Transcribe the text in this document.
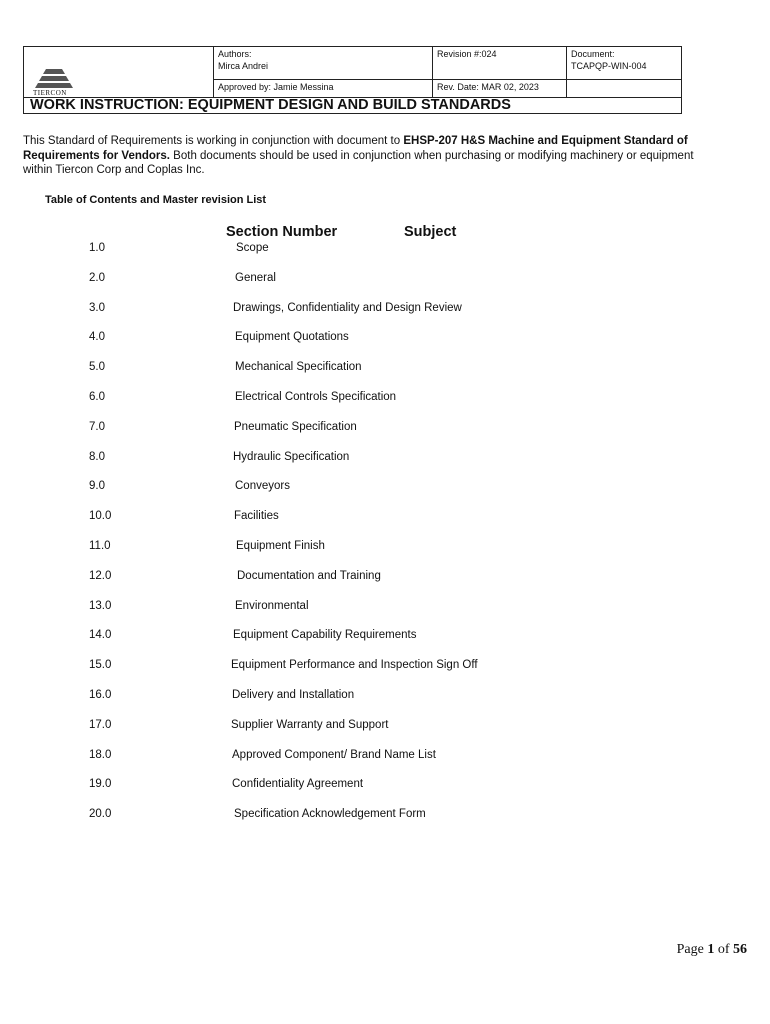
TIERCON
Authors:
Mirca Andrei
Revision #:024	Document:
TCAPQP-WIN-004
Approved by: Jamie Messina	Rev. Date: MAR 02, 2023
WORK INSTRUCTION: EQUIPMENT DESIGN AND BUILD STANDARDS
This Standard of Requirements is working in conjunction with document to EHSP-207 H&S Machine and Equipment Standard of Requirements for Vendors. Both documents should be used in conjunction when purchasing or modifying machinery or equipment within Tiercon Corp and Coplas Inc.
Table of Contents and Master revision List
Section Number	Subject
1.0	Scope
2.0	General
3.0	Drawings, Confidentiality and Design Review
4.0	Equipment Quotations
5.0	Mechanical Specification
6.0	Electrical Controls Specification
7.0	Pneumatic Specification
8.0	Hydraulic Specification
9.0	Conveyors
10.0	Facilities
11.0	Equipment Finish
12.0	Documentation and Training
13.0	Environmental
14.0	Equipment Capability Requirements
15.0	Equipment Performance and Inspection Sign Off
16.0	Delivery and Installation
17.0	Supplier Warranty and Support
18.0	Approved Component/ Brand Name List
19.0	Confidentiality Agreement
20.0	Specification Acknowledgement Form
Page 1 of 56
